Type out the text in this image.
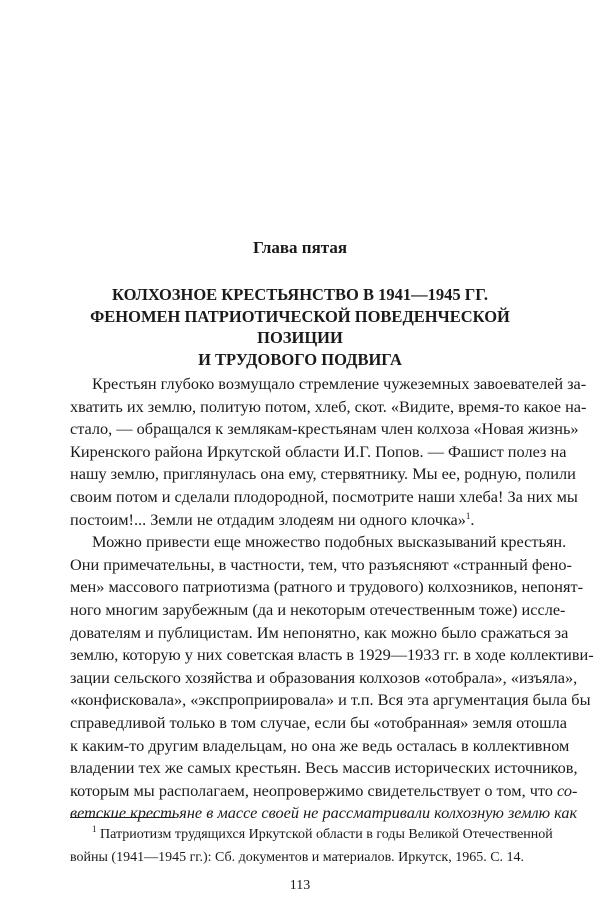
Глава пятая
КОЛХОЗНОЕ КРЕСТЬЯНСТВО В 1941—1945 ГГ.
ФЕНОМЕН ПАТРИОТИЧЕСКОЙ ПОВЕДЕНЧЕСКОЙ ПОЗИЦИИ
И ТРУДОВОГО ПОДВИГА
Крестьян глубоко возмущало стремление чужеземных завоевателей за-
хватить их землю, политую потом, хлеб, скот. «Видите, время-то какое на-
стало, — обращался к землякам-крестьянам член колхоза «Новая жизнь»
Киренского района Иркутской области И.Г. Попов. — Фашист полез на
нашу землю, приглянулась она ему, стервятнику. Мы ее, родную, полили
своим потом и сделали плодородной, посмотрите наши хлеба! За них мы
постоим!... Земли не отдадим злодеям ни одного клочка»$^1$.
Можно привести еще множество подобных высказываний крестьян.
Они примечательны, в частности, тем, что разъясняют «странный фено-
мен» массового патриотизма (ратного и трудового) колхозников, непонят-
ного многим зарубежным (да и некоторым отечественным тоже) иссле-
дователям и публицистам. Им непонятно, как можно было сражаться за
землю, которую у них советская власть в 1929—1933 гг. в ходе коллективи-
зации сельского хозяйства и образования колхозов «отобрала», «изъяла»,
«конфисковала», «экспроприировала» и т.п. Вся эта аргументация была бы
справедливой только в том случае, если бы «отобранная» земля отошла
к каким-то другим владельцам, но она же ведь осталась в коллективном
владении тех же самых крестьян. Весь массив исторических источников,
которым мы располагаем, неопровержимо свидетельствует о том, что со-
ветские крестьяне в массе своей не рассматривали колхозную землю как
$^1$ Патриотизм трудящихся Иркутской области в годы Великой Отечественной
войны (1941—1945 гг.): Сб. документов и материалов. Иркутск, 1965. С. 14.
113
